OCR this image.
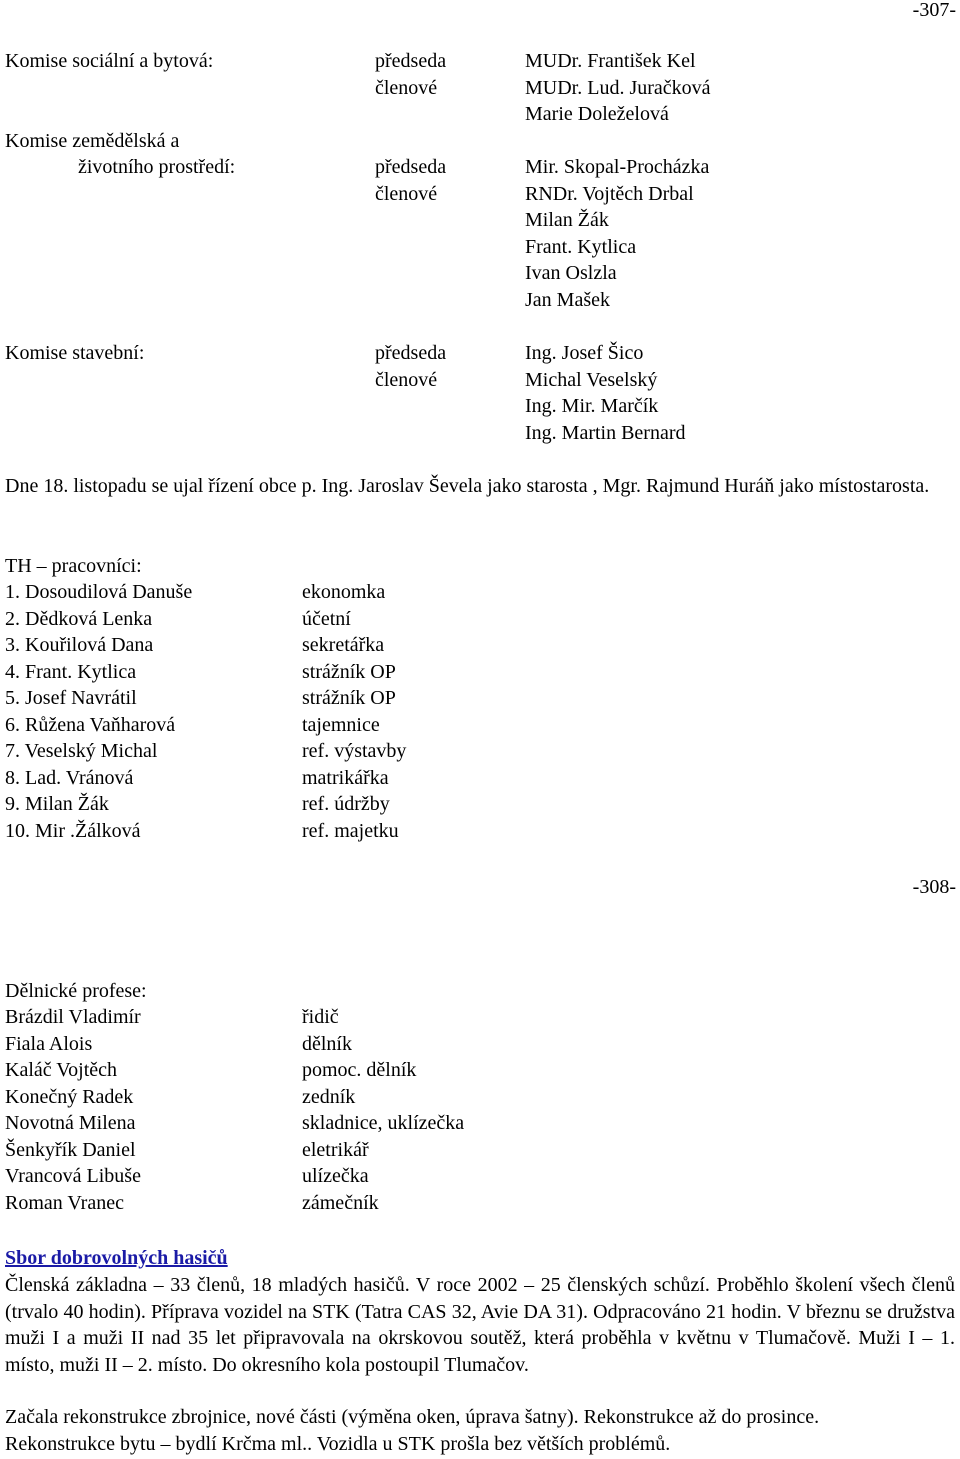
-307-
Komise sociální a bytová:	předseda	MUDr. František Kel
členové	MUDr. Lud. Juračková
Marie Doleželová
Komise zemědělská a
životního prostředí:	předseda	Mir. Skopal-Procházka
členové	RNDr. Vojtěch Drbal
Milan Žák
Frant. Kytlica
Ivan Oslzla
Jan Mašek
Komise stavební:	předseda	Ing. Josef Šico
členové	Michal Veselský
Ing. Mir. Marčík
Ing. Martin Bernard
Dne 18. listopadu se ujal řízení obce p. Ing. Jaroslav Ševela jako starosta , Mgr. Rajmund Huráň jako místostarosta.
TH – pracovníci:
1. Dosoudilová Danuše	ekonomka
2. Dědková Lenka	účetní
3. Kouřilová Dana	sekretářka
4. Frant. Kytlica	strážník OP
5. Josef Navrátil	strážník OP
6. Růžena Vaňharová	tajemnice
7. Veselský Michal	ref. výstavby
8. Lad. Vránová	matrikářka
9. Milan Žák	ref. údržby
10. Mir .Žálková	ref. majetku
-308-
Dělnické profese:
Brázdil Vladimír	řidič
Fiala Alois	dělník
Kaláč Vojtěch	pomoc. dělník
Konečný Radek	zedník
Novotná Milena	skladnice, uklízečka
Šenkyřík Daniel	eletrikář
Vrancová Libuše	ulízečka
Roman Vranec	zámečník
Sbor dobrovolných hasičů
Členská základna – 33 členů, 18 mladých hasičů. V roce 2002 – 25 členských schůzí. Proběhlo školení všech členů (trvalo 40 hodin). Příprava vozidel na STK (Tatra CAS 32, Avie DA 31). Odpracováno 21 hodin. V březnu se družstva muži I a muži II nad 35 let připravovala na okrskovou soutěž, která proběhla v květnu v Tlumačově. Muži I – 1. místo, muži II – 2. místo. Do okresního kola postoupil Tlumačov.
Začala rekonstrukce zbrojnice, nové části (výměna oken, úprava šatny). Rekonstrukce až do prosince.
Rekonstrukce bytu – bydlí Krčma ml.. Vozidla u STK prošla bez větších problémů.
